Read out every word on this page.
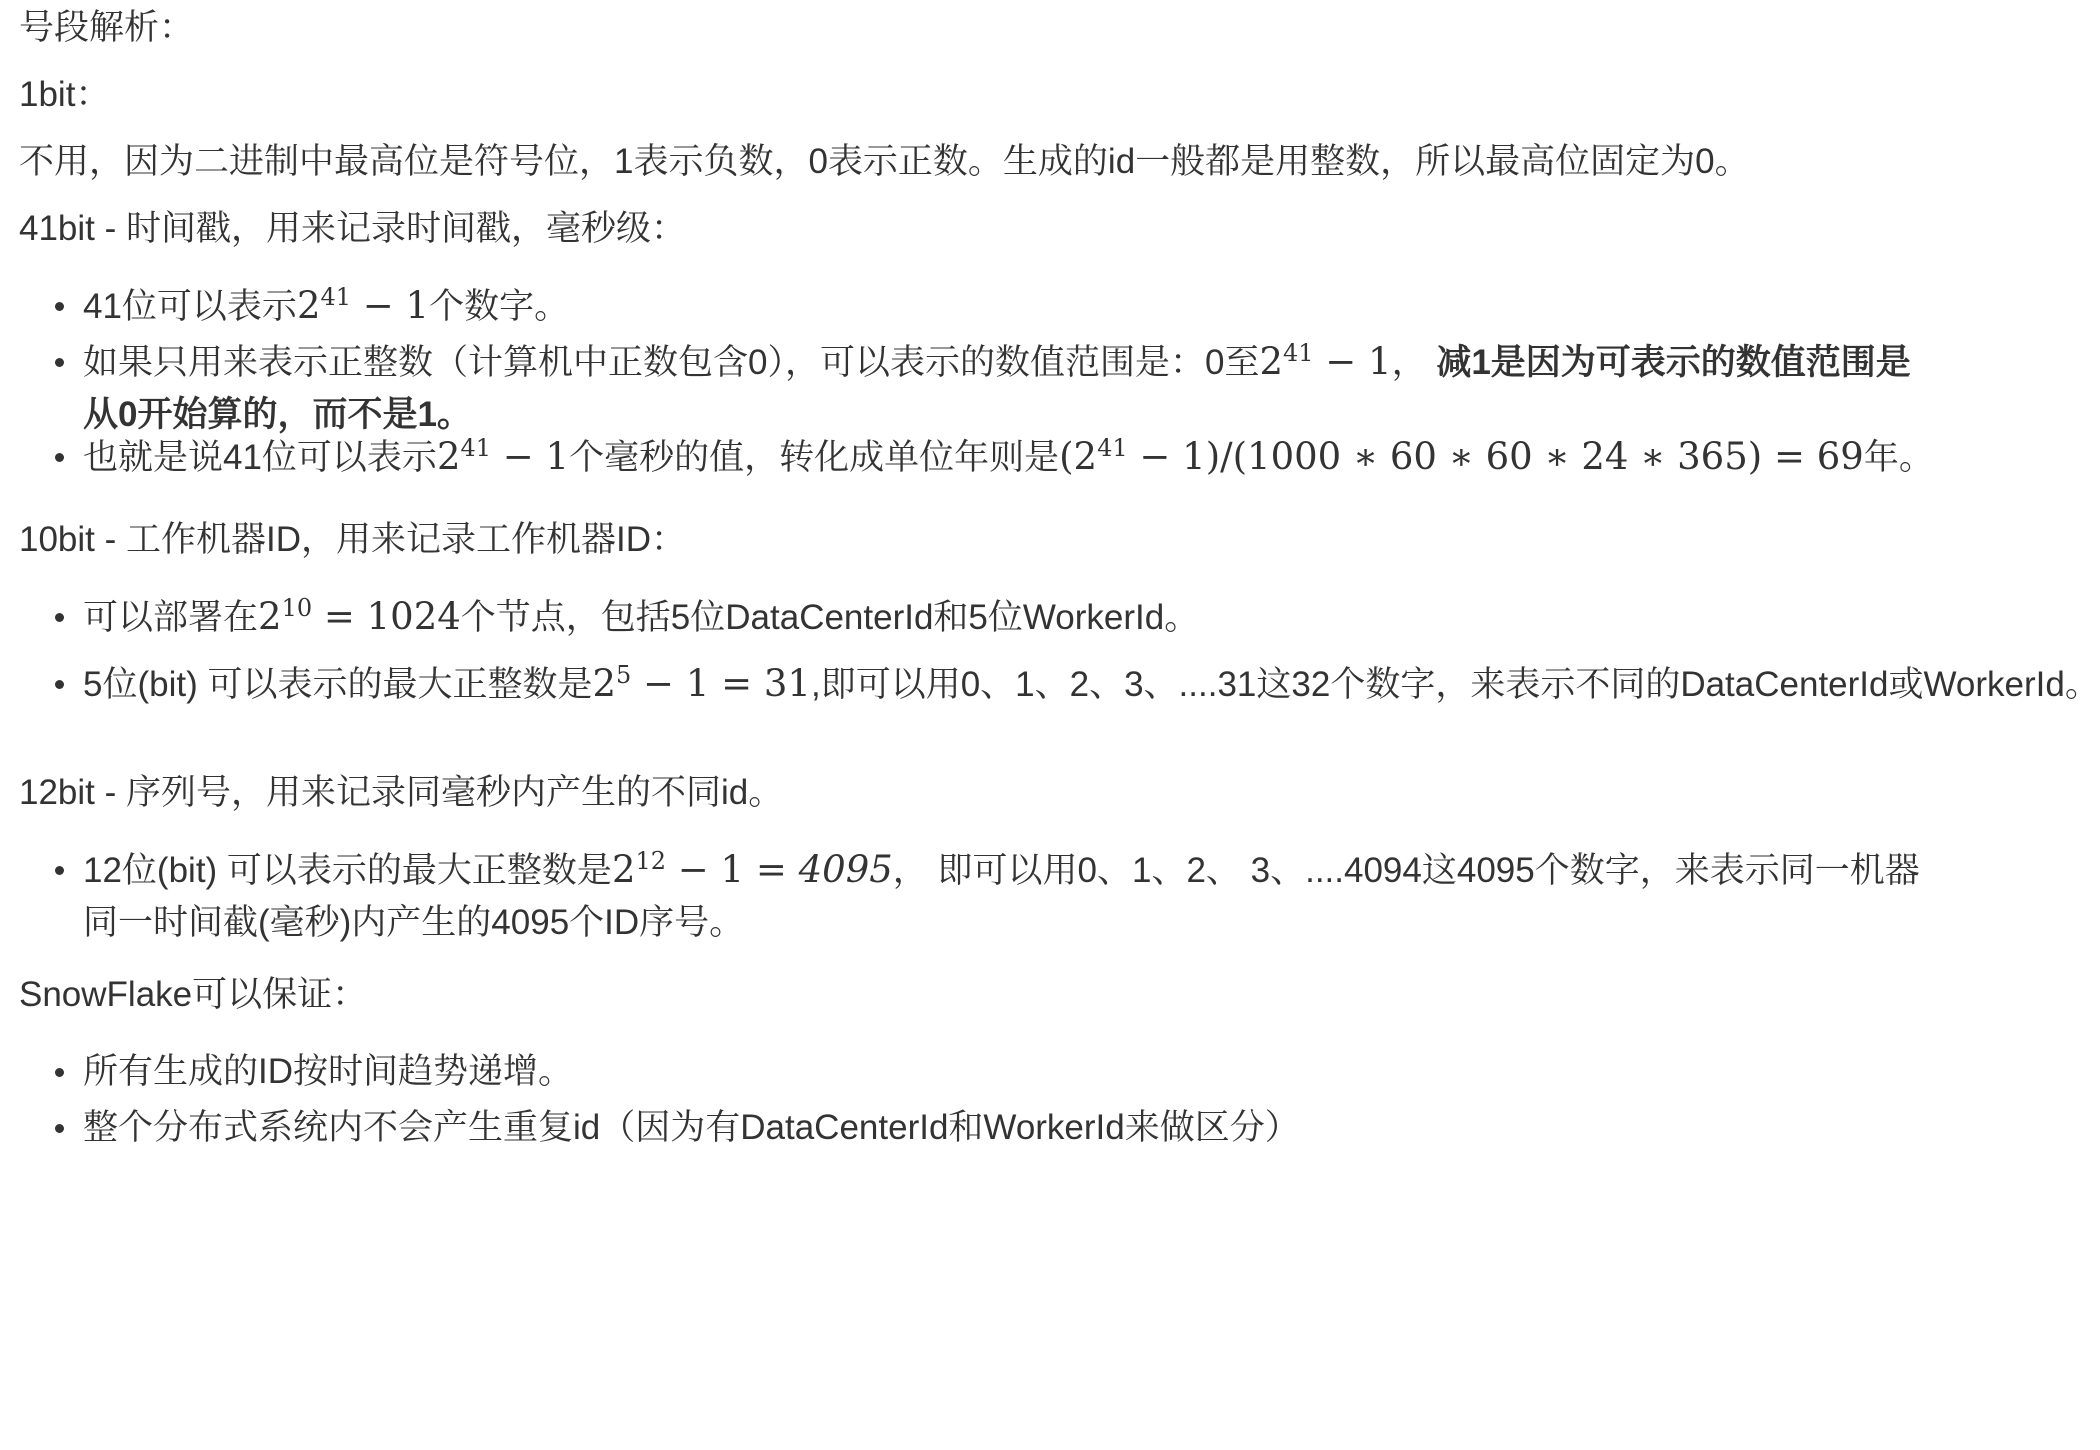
号段解析：

1bit：

不用，因为二进制中最高位是符号位，1表示负数，0表示正数。生成的id一般都是用整数，所以最高位固定为0。

41bit - 时间戳，用来记录时间戳，毫秒级：

41位可以表示$2^{41} - 1$个数字。
如果只用来表示正整数（计算机中正数包含0），可以表示的数值范围是：0至$2^{41} - 1$， 减1是因为可表示的数值范围是从0开始算的，而不是1。
也就是说41位可以表示$2^{41} - 1$个毫秒的值，转化成单位年则是$(2^{41} - 1)/(1000$ ∗ 60 ∗ 60 ∗ 24 ∗ 365) = 69年。

10bit - 工作机器ID，用来记录工作机器ID：

可以部署在$2^{10} = 1024$个节点，包括5位DataCenterId和5位WorkerId。
5位(bit) 可以表示的最大正整数是$2^5 - 1 = 31$,即可以用0、1、2、3、....31这32个数字，来表示不同的DataCenterId或WorkerId。

12bit - 序列号，用来记录同毫秒内产生的不同id。

12位(bit) 可以表示的最大正整数是$2^{12} - 1 = 4095$， 即可以用0、1、2、 3、....4094这4095个数字，来表示同一机器同一时间截(毫秒)内产生的4095个ID序号。

SnowFlake可以保证：

所有生成的ID按时间趋势递增。
整个分布式系统内不会产生重复id（因为有DataCenterId和WorkerId来做区分）
